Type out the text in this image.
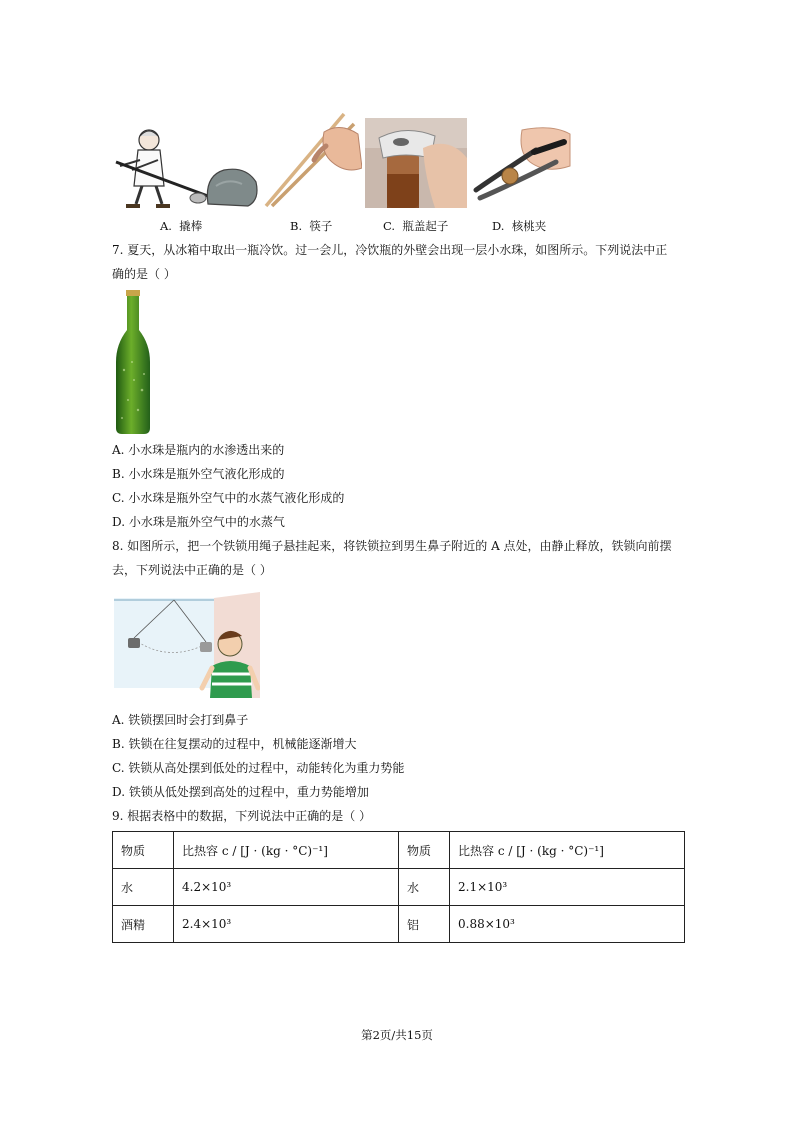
A. 撬棒	B. 筷子	C. 瓶盖起子	D. 核桃夹
7. 夏天，从冰箱中取出一瓶冷饮。过一会儿，冷饮瓶的外壁会出现一层小水珠，如图所示。下列说法中正
确的是（ ）
A. 小水珠是瓶内的水渗透出来的
B. 小水珠是瓶外空气液化形成的
C. 小水珠是瓶外空气中的水蒸气液化形成的
D. 小水珠是瓶外空气中的水蒸气
8. 如图所示，把一个铁锁用绳子悬挂起来，将铁锁拉到男生鼻子附近的 A 点处，由静止释放，铁锁向前摆
去，下列说法中正确的是（ ）
A. 铁锁摆回时会打到鼻子
B. 铁锁在往复摆动的过程中，机械能逐渐增大
C. 铁锁从高处摆到低处的过程中，动能转化为重力势能
D. 铁锁从低处摆到高处的过程中，重力势能增加
9. 根据表格中的数据，下列说法中正确的是（ ）
物质	比热容 c / [J · (kg · °C)⁻¹]	物质	比热容 c / [J · (kg · °C)⁻¹]
水	4.2×10³	水	2.1×10³
酒精	2.4×10³	铝	0.88×10³
第2页/共15页
